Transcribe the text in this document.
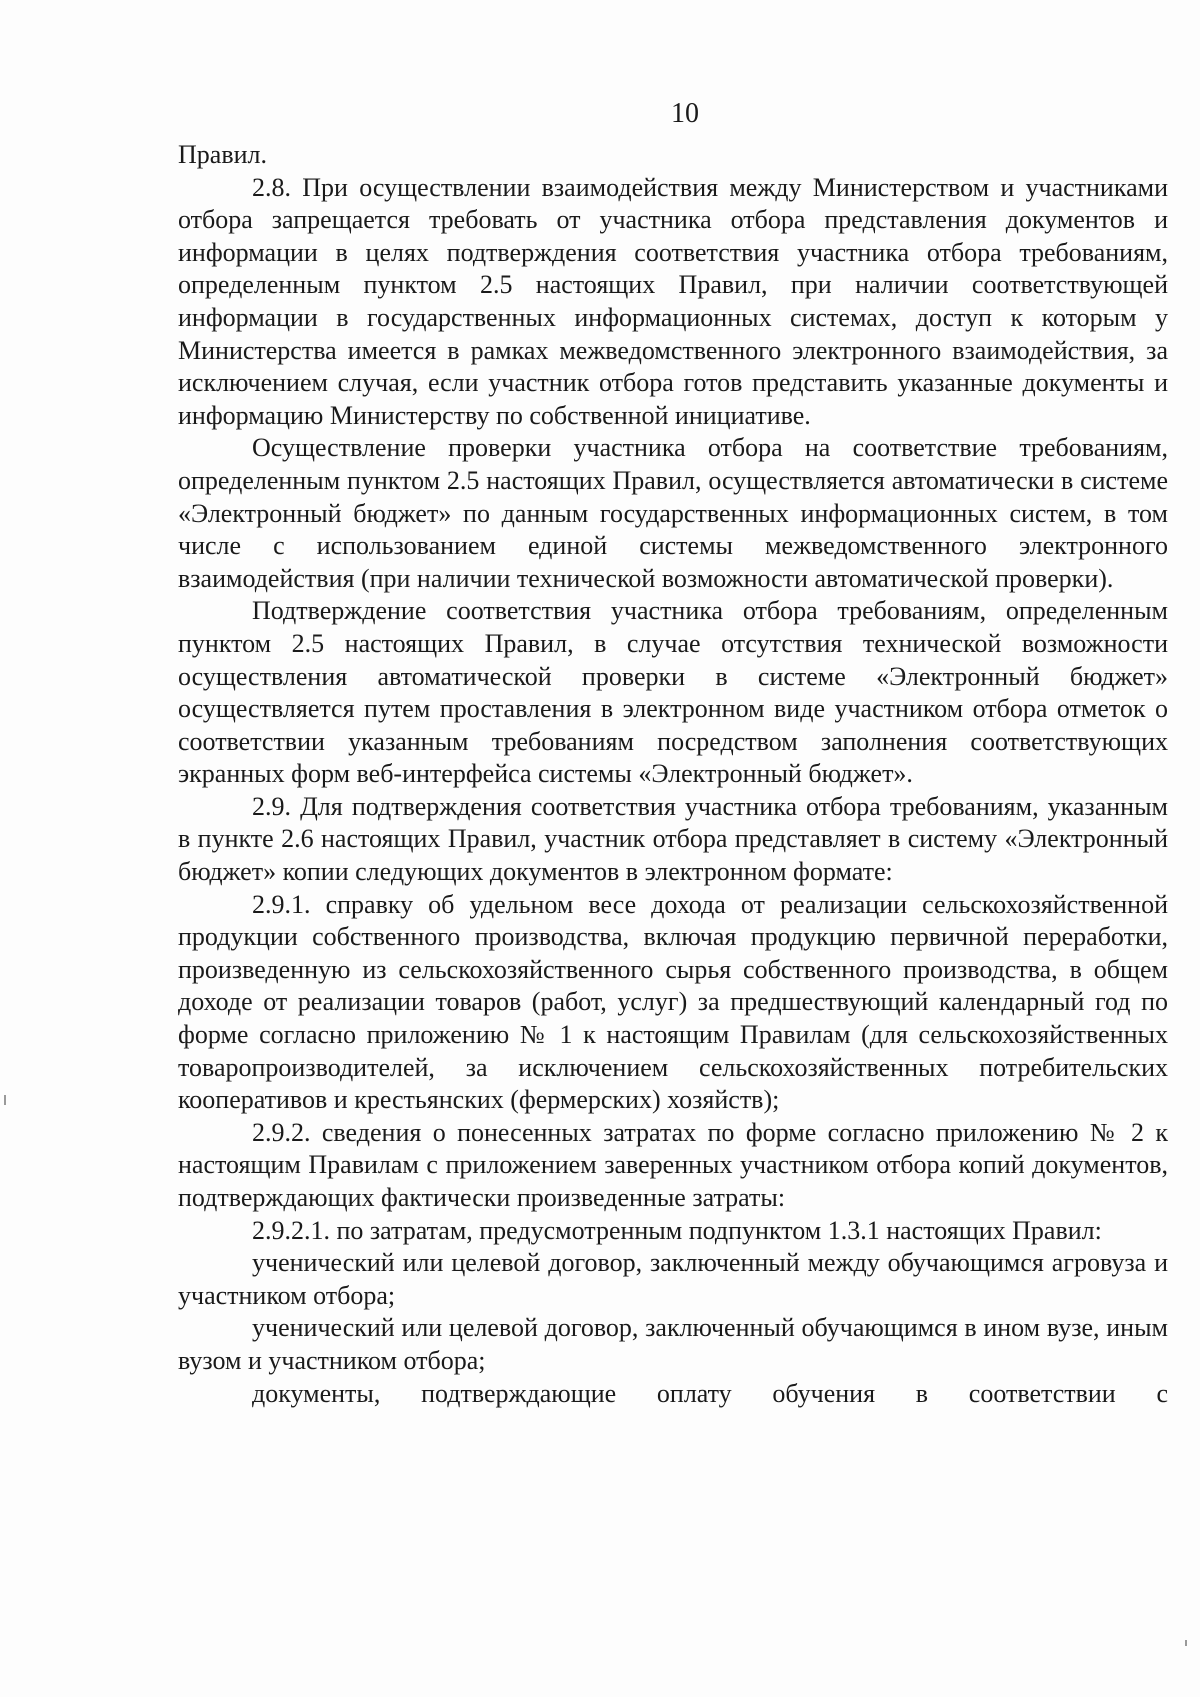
10

Правил.

2.8. При осуществлении взаимодействия между Министерством и участниками отбора запрещается требовать от участника отбора представления документов и информации в целях подтверждения соответствия участника отбора требованиям, определенным пунктом 2.5 настоящих Правил, при наличии соответствующей информации в государственных информационных системах, доступ к которым у Министерства имеется в рамках межведомственного электронного взаимодействия, за исключением случая, если участник отбора готов представить указанные документы и информацию Министерству по собственной инициативе.

Осуществление проверки участника отбора на соответствие требованиям, определенным пунктом 2.5 настоящих Правил, осуществляется автоматически в системе «Электронный бюджет» по данным государственных информационных систем, в том числе с использованием единой системы межведомственного электронного взаимодействия (при наличии технической возможности автоматической проверки).

Подтверждение соответствия участника отбора требованиям, определенным пунктом 2.5 настоящих Правил, в случае отсутствия технической возможности осуществления автоматической проверки в системе «Электронный бюджет» осуществляется путем проставления в электронном виде участником отбора отметок о соответствии указанным требованиям посредством заполнения соответствующих экранных форм веб-интерфейса системы «Электронный бюджет».

2.9. Для подтверждения соответствия участника отбора требованиям, указанным в пункте 2.6 настоящих Правил, участник отбора представляет в систему «Электронный бюджет» копии следующих документов в электронном формате:

2.9.1. справку об удельном весе дохода от реализации сельскохозяйственной продукции собственного производства, включая продукцию первичной переработки, произведенную из сельскохозяйственного сырья собственного производства, в общем доходе от реализации товаров (работ, услуг) за предшествующий календарный год по форме согласно приложению № 1 к настоящим Правилам (для сельскохозяйственных товаропроизводителей, за исключением сельскохозяйственных потребительских кооперативов и крестьянских (фермерских) хозяйств);

2.9.2. сведения о понесенных затратах по форме согласно приложению № 2 к настоящим Правилам с приложением заверенных участником отбора копий документов, подтверждающих фактически произведенные затраты:

2.9.2.1. по затратам, предусмотренным подпунктом 1.3.1 настоящих Правил:

ученический или целевой договор, заключенный между обучающимся агровуза и участником отбора;

ученический или целевой договор, заключенный обучающимся в ином вузе, иным вузом и участником отбора;

документы, подтверждающие оплату обучения в соответствии с
